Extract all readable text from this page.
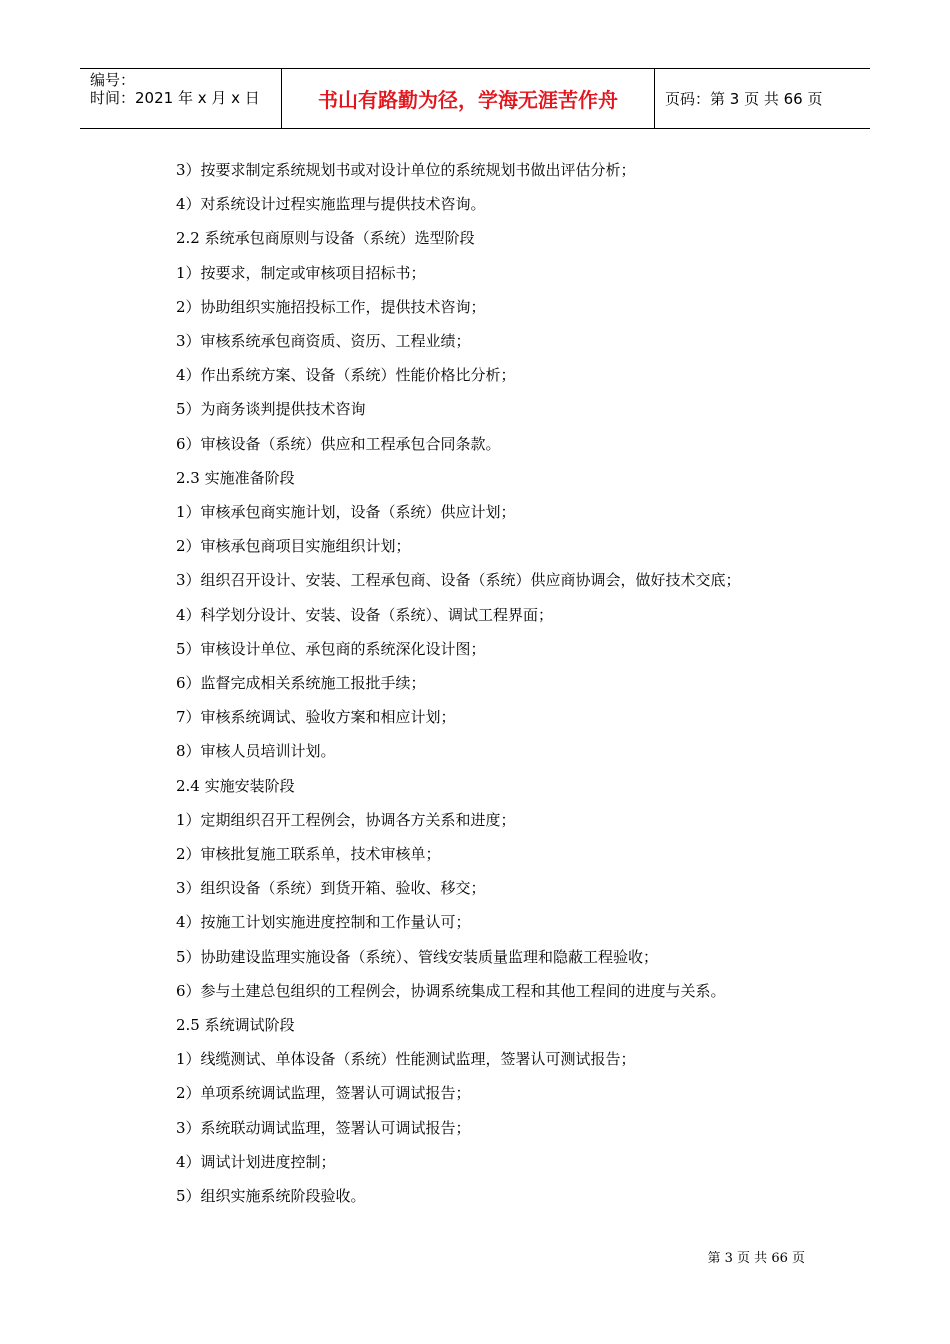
编号：
时间：2021 年 x 月 x 日	书山有路勤为径，学海无涯苦作舟	页码：第 3 页 共 66 页
3）按要求制定系统规划书或对设计单位的系统规划书做出评估分析；
4）对系统设计过程实施监理与提供技术咨询。
2.2 系统承包商原则与设备（系统）选型阶段
1）按要求，制定或审核项目招标书；
2）协助组织实施招投标工作，提供技术咨询；
3）审核系统承包商资质、资历、工程业绩；
4）作出系统方案、设备（系统）性能价格比分析；
5）为商务谈判提供技术咨询
6）审核设备（系统）供应和工程承包合同条款。
2.3 实施准备阶段
1）审核承包商实施计划，设备（系统）供应计划；
2）审核承包商项目实施组织计划；
3）组织召开设计、安装、工程承包商、设备（系统）供应商协调会，做好技术交底；
4）科学划分设计、安装、设备（系统）、调试工程界面；
5）审核设计单位、承包商的系统深化设计图；
6）监督完成相关系统施工报批手续；
7）审核系统调试、验收方案和相应计划；
8）审核人员培训计划。
2.4 实施安装阶段
1）定期组织召开工程例会，协调各方关系和进度；
2）审核批复施工联系单，技术审核单；
3）组织设备（系统）到货开箱、验收、移交；
4）按施工计划实施进度控制和工作量认可；
5）协助建设监理实施设备（系统）、管线安装质量监理和隐蔽工程验收；
6）参与土建总包组织的工程例会，协调系统集成工程和其他工程间的进度与关系。
2.5 系统调试阶段
1）线缆测试、单体设备（系统）性能测试监理，签署认可测试报告；
2）单项系统调试监理，签署认可调试报告；
3）系统联动调试监理，签署认可调试报告；
4）调试计划进度控制；
5）组织实施系统阶段验收。
第 3 页 共 66 页
